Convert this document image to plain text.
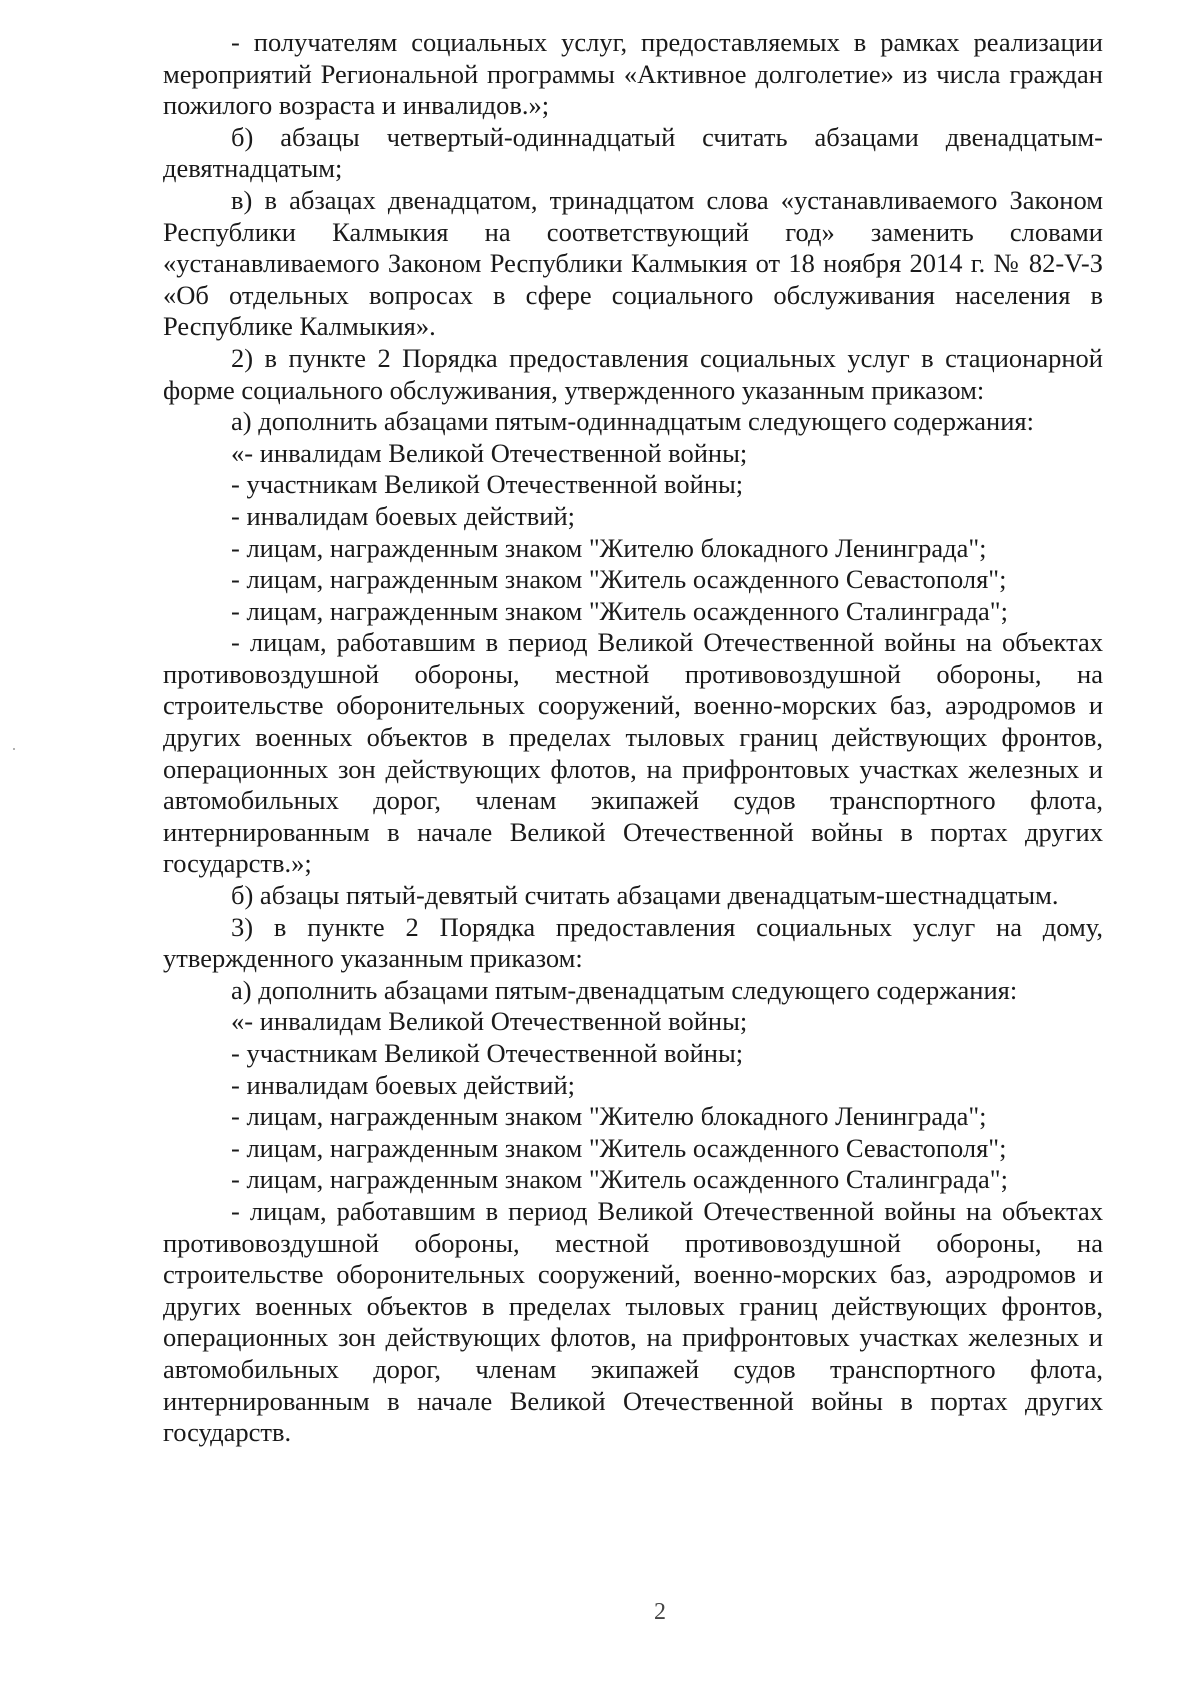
- получателям социальных услуг, предоставляемых в рамках реализации мероприятий Региональной программы «Активное долголетие» из числа граждан пожилого возраста и инвалидов.»;

б) абзацы четвертый-одиннадцатый считать абзацами двенадцатым-девятнадцатым;

в) в абзацах двенадцатом, тринадцатом слова «устанавливаемого Законом Республики Калмыкия на соответствующий год» заменить словами «устанавливаемого Законом Республики Калмыкия от 18 ноября 2014 г. № 82-V-З «Об отдельных вопросах в сфере социального обслуживания населения в Республике Калмыкия».

2) в пункте 2 Порядка предоставления социальных услуг в стационарной форме социального обслуживания, утвержденного указанным приказом:

а) дополнить абзацами пятым-одиннадцатым следующего содержания:

«- инвалидам Великой Отечественной войны;

- участникам Великой Отечественной войны;

- инвалидам боевых действий;

- лицам, награжденным знаком "Жителю блокадного Ленинграда";

- лицам, награжденным знаком "Житель осажденного Севастополя";

- лицам, награжденным знаком "Житель осажденного Сталинграда";

- лицам, работавшим в период Великой Отечественной войны на объектах противовоздушной обороны, местной противовоздушной обороны, на строительстве оборонительных сооружений, военно-морских баз, аэродромов и других военных объектов в пределах тыловых границ действующих фронтов, операционных зон действующих флотов, на прифронтовых участках железных и автомобильных дорог, членам экипажей судов транспортного флота, интернированным в начале Великой Отечественной войны в портах других государств.»;

б) абзацы пятый-девятый считать абзацами двенадцатым-шестнадцатым.

3) в пункте 2 Порядка предоставления социальных услуг на дому, утвержденного указанным приказом:

а) дополнить абзацами пятым-двенадцатым следующего содержания:

«- инвалидам Великой Отечественной войны;

- участникам Великой Отечественной войны;

- инвалидам боевых действий;

- лицам, награжденным знаком "Жителю блокадного Ленинграда";

- лицам, награжденным знаком "Житель осажденного Севастополя";

- лицам, награжденным знаком "Житель осажденного Сталинграда";

- лицам, работавшим в период Великой Отечественной войны на объектах противовоздушной обороны, местной противовоздушной обороны, на строительстве оборонительных сооружений, военно-морских баз, аэродромов и других военных объектов в пределах тыловых границ действующих фронтов, операционных зон действующих флотов, на прифронтовых участках железных и автомобильных дорог, членам экипажей судов транспортного флота, интернированным в начале Великой Отечественной войны в портах других государств.

2
